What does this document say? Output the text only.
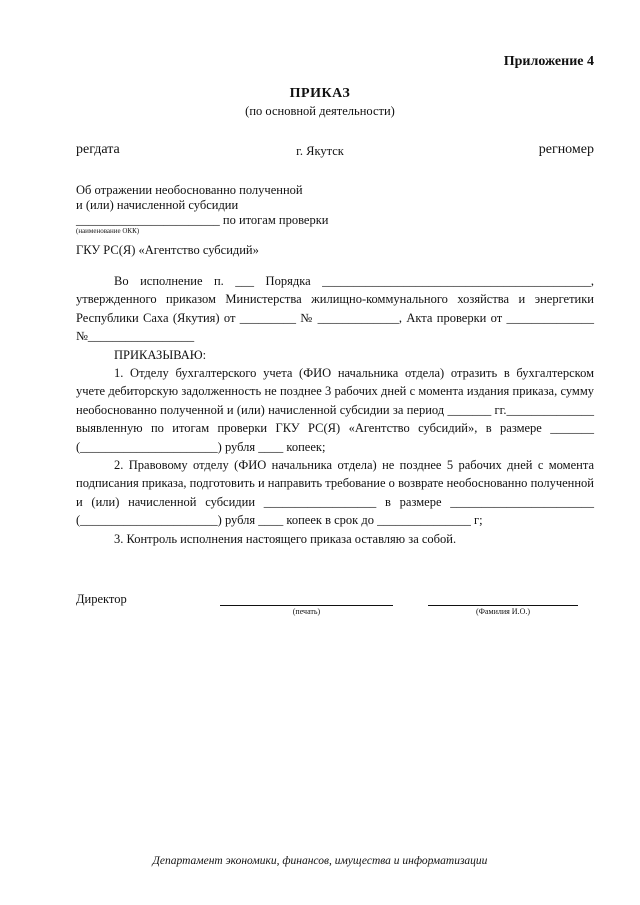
Приложение 4
ПРИКАЗ
(по основной деятельности)
регдата	г. Якутск	регномер
Об отражении необоснованно полученной
и (или) начисленной субсидии
_______________________ по итогам проверки
(наименование ОКК)
ГКУ РС(Я) «Агентство субсидий»

Во исполнение п. ___ Порядка ___________________________________________, утвержденного приказом Министерства жилищно-коммунального хозяйства и энергетики Республики Саха (Якутия) от _________ № _____________, Акта проверки от ______________ №_________________

ПРИКАЗЫВАЮ:

1. Отделу бухгалтерского учета (ФИО начальника отдела) отразить в бухгалтерском учете дебиторскую задолженность не позднее 3 рабочих дней с момента издания приказа, сумму необоснованно полученной и (или) начисленной субсидии за период _______ гг.______________ выявленную по итогам проверки ГКУ РС(Я) «Агентство субсидий», в размере _______ (______________________) рубля ____ копеек;

2. Правовому отделу (ФИО начальника отдела) не позднее 5 рабочих дней с момента подписания приказа, подготовить и направить требование о возврате необоснованно полученной и (или) начисленной субсидии __________________ в размере _______________________ (______________________) рубля ____ копеек в срок до _______________ г;

3. Контроль исполнения настоящего приказа оставляю за собой.

Директор
(печать)	(Фамилия И.О.)
Департамент экономики, финансов, имущества и информатизации
